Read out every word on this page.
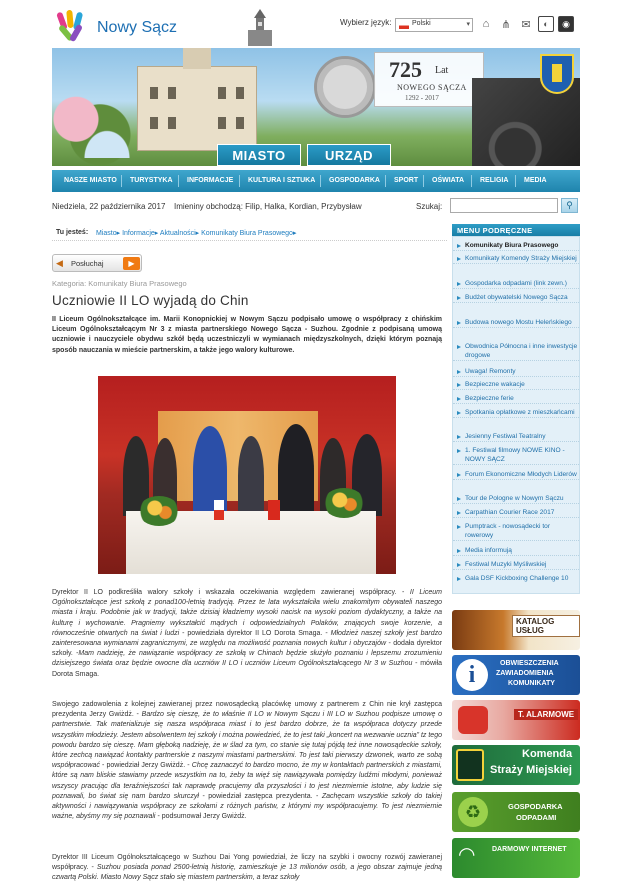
Nowy Sącz	Wybierz język:	Polski	▾	⌂	⋔ ✉	◐	◉
725 Lat
NOWEGO SĄCZA
1292 - 2017
MIASTO	URZĄD
NASZE MIASTO TURYSTYKA INFORMACJE KULTURA I SZTUKA GOSPODARKA SPORT OŚWIATA RELIGIA MEDIA
Niedziela, 22 października 2017 Imieniny obchodzą: Filip, Halka, Kordian, Przybysław	Szukaj:	⚲
Tu jesteś: Miasto▸ Informacje▸ Aktualności▸ Komunikaty Biura Prasowego▸
◀	Posłuchaj	▶
Kategoria: Komunikaty Biura Prasowego
Uczniowie II LO wyjadą do Chin
II Liceum Ogólnokształcące im. Marii Konopnickiej w Nowym Sączu podpisało umowę o współpracy z chińskim Liceum Ogólnokształcącym Nr 3 z miasta partnerskiego Nowego Sącza - Suzhou. Zgodnie z podpisaną umową uczniowie i nauczyciele obydwu szkół będą uczestniczyli w wymianach międzyszkolnych, dzięki którym poznają sposób nauczania w mieście partnerskim, a także jego walory kulturowe.
Dyrektor II LO podkreśliła walory szkoły i wskazała oczekiwania względem zawieranej współpracy. - II Liceum Ogólnokształcące jest szkołą z ponad100-letnią tradycją. Przez te lata wykształciła wielu znakomitym obywateli naszego miasta i kraju. Podobnie jak w tradycji, także dzisiaj kładziemy wysoki nacisk na wysoki poziom dydaktyczny, a także na kulturę i wychowanie. Pragniemy wykształcić mądrych i odpowiedzialnych Polaków, znających swoje korzenie, a równocześnie otwartych na świat i ludzi - powiedziała dyrektor II LO Dorota Smaga. - Młodzież naszej szkoły jest bardzo zainteresowana wymianami zagranicznymi, ze względu na możliwość poznania nowych kultur i obyczajów - dodała dyrektor szkoły. -Mam nadzieję, że nawiązanie współpracy ze szkołą w Chinach będzie służyło poznaniu i lepszemu zrozumieniu dzisiejszego świata oraz będzie owocne dla uczniów II LO i uczniów Liceum Ogólnokształcącego Nr 3 w Suzhou - mówiła Dorota Smaga.
Swojego zadowolenia z kolejnej zawieranej przez nowosądecką placówkę umowy z partnerem z Chin nie krył zastępca prezydenta Jerzy Gwiżdż. - Bardzo się cieszę, że to właśnie II LO w Nowym Sączu i III LO w Suzhou podpisze umowę o partnerstwie. Tak materializuje się nasza współpraca miast i to jest bardzo dobrze, że ta współpraca dotyczy przede wszystkim młodzieży. Jestem absolwentem tej szkoły i można powiedzieć, że to jest taki „koncert na wezwanie ucznia” tz tego powodu bardzo się cieszę. Mam głęboką nadzieję, że w ślad za tym, co stanie się tutaj pójdą też inne nowosądeckie szkoły, które zechcą nawiązać kontakty partnerskie z naszymi miastami partnerskimi. To jest taki pierwszy dzwonek, warto ze sobą współpracować - powiedział Jerzy Gwiżdż. - Chcę zaznaczyć to bardzo mocno, że my w kontaktach partnerskich z miastami, które są nam bliskie stawiamy przede wszystkim na to, żeby ta więź się nawiązywała pomiędzy ludźmi młodymi, ponieważ wszyscy pracując dla teraźniejszości tak naprawdę pracujemy dla przyszłości i to jest niezmiernie istotne, aby ludzie się poznawali, bo świat się nam bardzo skurczył - powiedział zastępca prezydenta. - Zachęcam wszystkie szkoły do takiej aktywności i nawiązywania współpracy ze szkołami z różnych państw, z którymi my współpracujemy. To jest niezmiernie ważne, abyśmy my się poznawali - podsumował Jerzy Gwiżdż.
Dyrektor III Liceum Ogólnokształcącego w Suzhou Dai Yong powiedział, że liczy na szybki i owocny rozwój zawieranej współpracy. - Suzhou posiada ponad 2500-letnią historię, zamieszkuje je 13 milionów osób, a jego obszar zajmuje jedną czwartą Polski. Miasto Nowy Sącz stało się miastem partnerskim, a teraz szkoły
MENU PODRĘCZNE
Komunikaty Biura Prasowego
Komunikaty Komendy Straży Miejskiej
Gospodarka odpadami (link zewn.)
Budżet obywatelski Nowego Sącza
Budowa nowego Mostu Heleńskiego
Obwodnica Północna i inne inwestycje drogowe
Uwaga! Remonty
Bezpieczne wakacje
Bezpieczne ferie
Spotkania opłatkowe z mieszkańcami
Jesienny Festiwal Teatralny
1. Festiwal filmowy NOWE KINO - NOWY SĄCZ
Forum Ekonomiczne Młodych Liderów
Tour de Pologne w Nowym Sączu
Carpathian Courier Race 2017
Pumptrack - nowosądecki tor rowerowy
Media informują
Festiwal Muzyki Myśliwskiej
Gala DSF Kickboxing Challenge 10
KATALOG USŁUG
i	OBWIESZCZENIA
ZAWIADOMIENIA
KOMUNIKATY
T. ALARMOWE
Komenda
Straży Miejskiej
♻	GOSPODARKA
ODPADAMI
◠ DARMOWY INTERNET
